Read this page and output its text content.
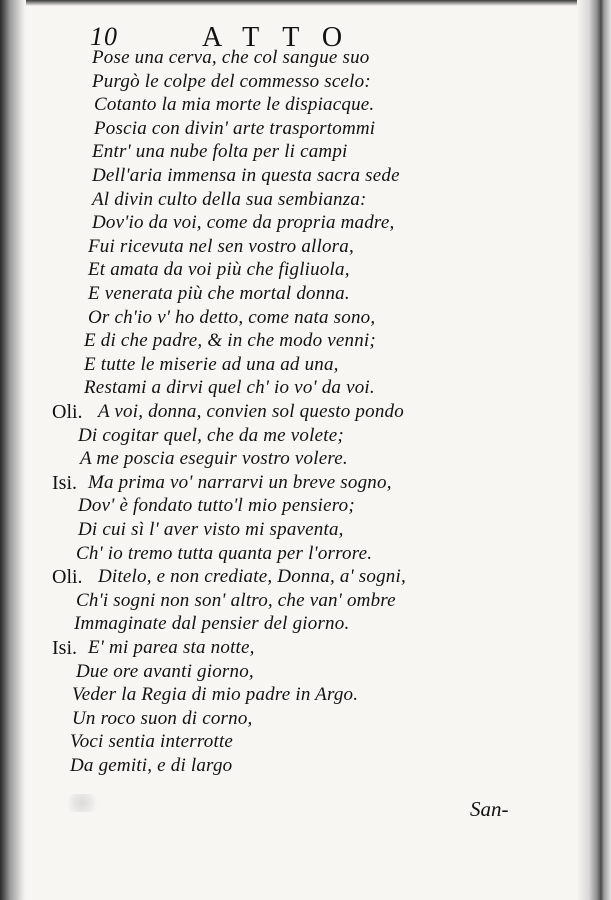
10	ATTO
Pose una cerva, che col sangue suo
Purgò le colpe del commesso scelo:
Cotanto la mia morte le dispiacque.
Poscia con divin' arte trasportommi
Entr' una nube folta per li campi
Dell'aria immensa in questa sacra sede
Al divin culto della sua sembianza:
Dov'io da voi, come da propria madre,
Fui ricevuta nel sen vostro allora,
Et amata da voi più che figliuola,
E venerata più che mortal donna.
Or ch'io v' ho detto, come nata sono,
E di che padre, & in che modo venni;
E tutte le miserie ad una ad una,
Restami a dirvi quel ch' io vo' da voi.
Oli. A voi, donna, convien sol questo pondo
Di cogitar quel, che da me volete;
A me poscia eseguir vostro volere.
Isi. Ma prima vo' narrarvi un breve sogno,
Dov' è fondato tutto'l mio pensiero;
Di cui sì l' aver visto mi spaventa,
Ch' io tremo tutta quanta per l'orrore.
Oli. Ditelo, e non crediate, Donna, a' sogni,
Ch'i sogni non son' altro, che van' ombre
Immaginate dal pensier del giorno.
Isi. E' mi parea sta notte,
Due ore avanti giorno,
Veder la Regia di mio padre in Argo.
Un roco suon di corno,
Voci sentia interrotte
Da gemiti, e di largo
San-
